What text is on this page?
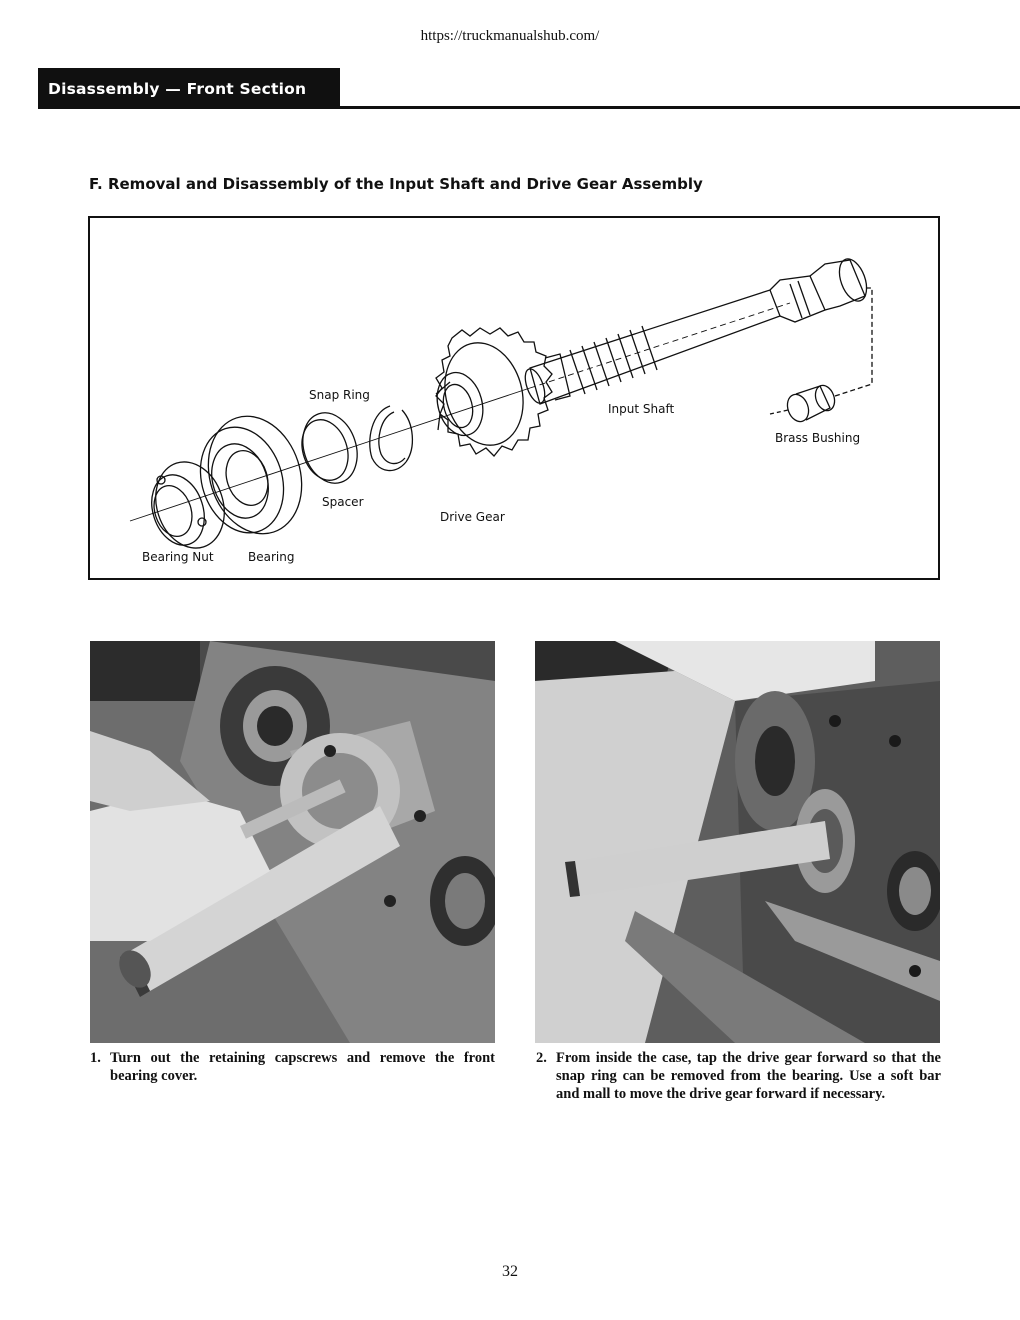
https://truckmanualshub.com/
Disassembly — Front Section
F. Removal and Disassembly of the Input Shaft and Drive Gear Assembly
Snap Ring
Input Shaft
Brass Bushing
Spacer
Drive Gear
Bearing Nut	Bearing
1. Turn out the retaining capscrews and remove the front bearing cover.
2. From inside the case, tap the drive gear forward so that the snap ring can be removed from the bearing. Use a soft bar and mall to move the drive gear forward if necessary.
32
